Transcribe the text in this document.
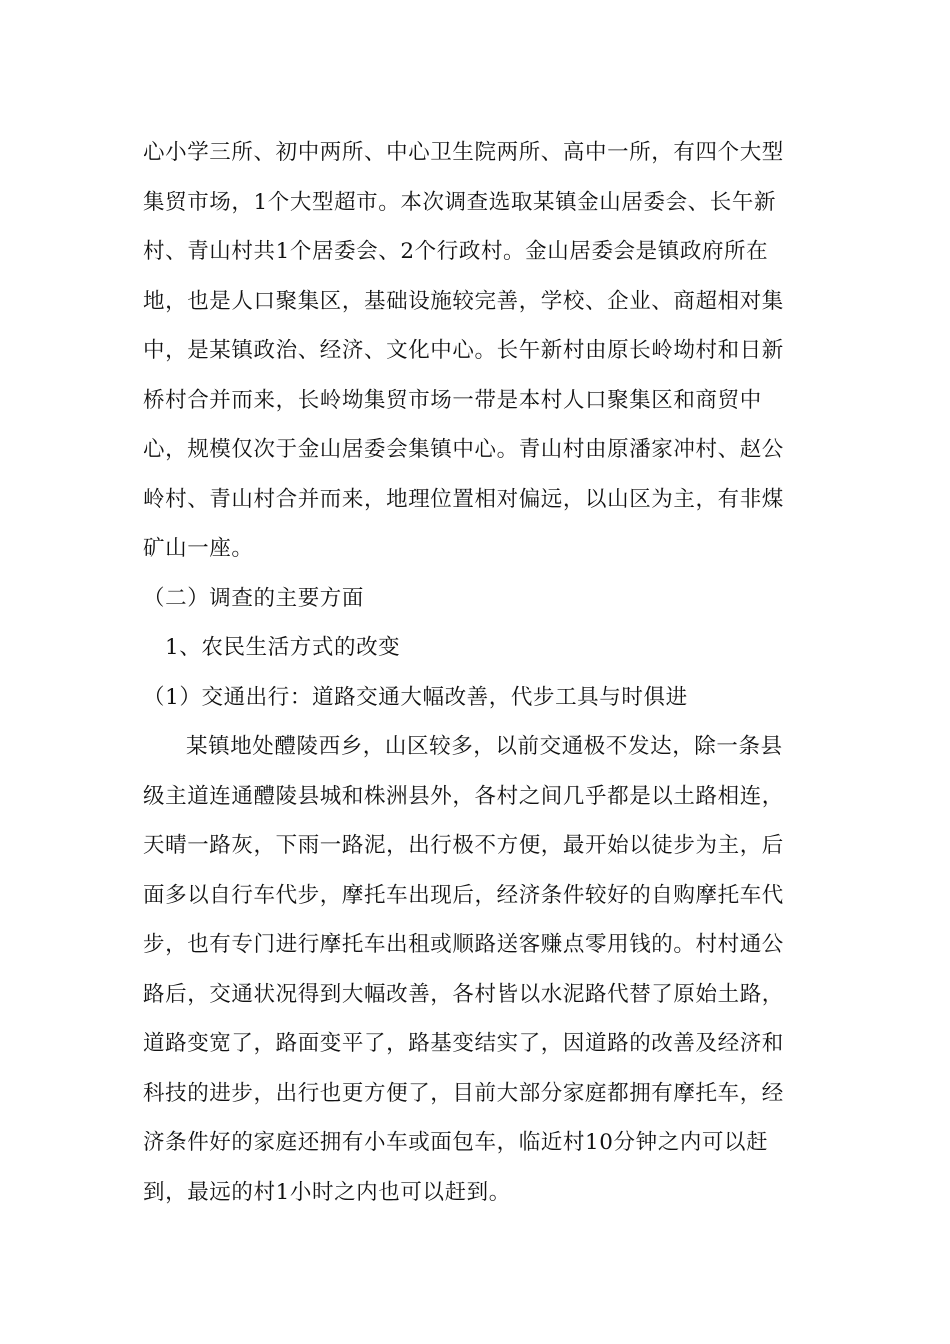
心小学三所、初中两所、中心卫生院两所、高中一所，有四个大型
集贸市场，1个大型超市。本次调查选取某镇金山居委会、长午新
村、青山村共1个居委会、2个行政村。金山居委会是镇政府所在
地，也是人口聚集区，基础设施较完善，学校、企业、商超相对集
中，是某镇政治、经济、文化中心。长午新村由原长岭坳村和日新
桥村合并而来，长岭坳集贸市场一带是本村人口聚集区和商贸中
心，规模仅次于金山居委会集镇中心。青山村由原潘家冲村、赵公
岭村、青山村合并而来，地理位置相对偏远，以山区为主，有非煤
矿山一座。
（二）调查的主要方面
1、农民生活方式的改变
（1）交通出行：道路交通大幅改善，代步工具与时俱进
某镇地处醴陵西乡，山区较多，以前交通极不发达，除一条县
级主道连通醴陵县城和株洲县外，各村之间几乎都是以土路相连，
天晴一路灰，下雨一路泥，出行极不方便，最开始以徒步为主，后
面多以自行车代步，摩托车出现后，经济条件较好的自购摩托车代
步，也有专门进行摩托车出租或顺路送客赚点零用钱的。村村通公
路后，交通状况得到大幅改善，各村皆以水泥路代替了原始土路，
道路变宽了，路面变平了，路基变结实了，因道路的改善及经济和
科技的进步，出行也更方便了，目前大部分家庭都拥有摩托车，经
济条件好的家庭还拥有小车或面包车，临近村10分钟之内可以赶
到，最远的村1小时之内也可以赶到。
